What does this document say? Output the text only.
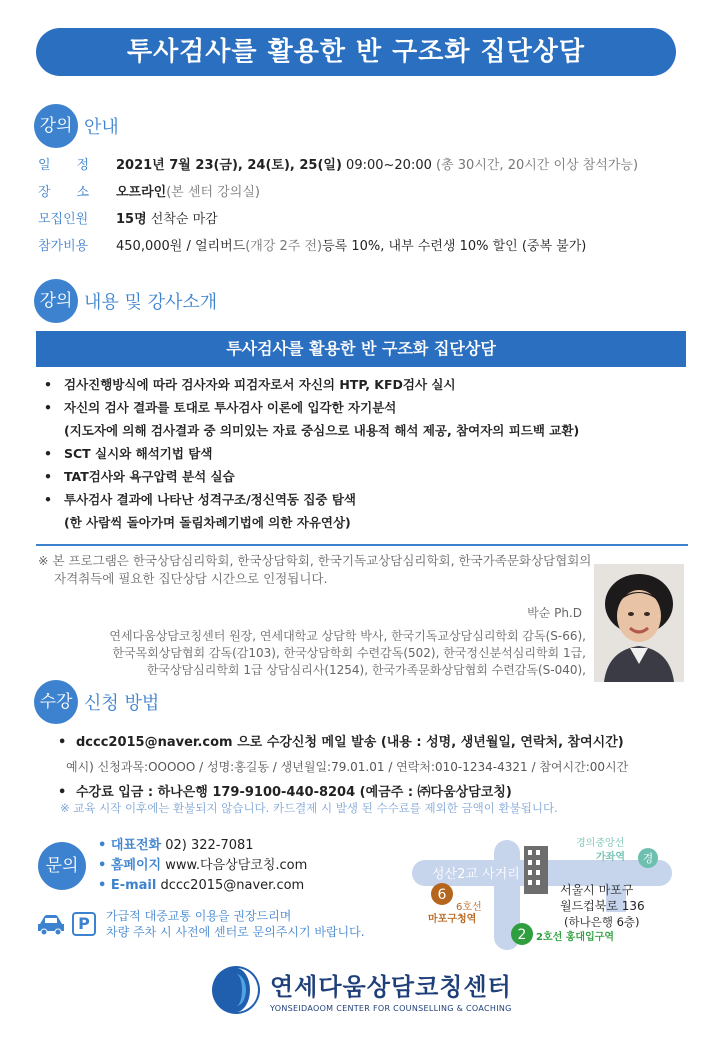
투사검사를 활용한 반 구조화 집단상담
강의 안내
일　　정	2021년 7월 23(금), 24(토), 25(일) 09:00~20:00 (총 30시간, 20시간 이상 참석가능)
장　　소	오프라인(본 센터 강의실)
모집인원	15명 선착순 마감
참가비용	450,000원 / 얼리버드(개강 2주 전)등록 10%, 내부 수련생 10% 할인 (중복 불가)
강의 내용 및 강사소개
투사검사를 활용한 반 구조화 집단상담
• 검사진행방식에 따라 검사자와 피검자로서 자신의 HTP, KFD검사 실시
• 자신의 검사 결과를 토대로 투사검사 이론에 입각한 자기분석
(지도자에 의해 검사결과 중 의미있는 자료 중심으로 내용적 해석 제공, 참여자의 피드백 교환)
• SCT 실시와 해석기법 탐색
• TAT검사와 욕구압력 분석 실습
• 투사검사 결과에 나타난 성격구조/정신역동 집중 탐색
(한 사람씩 돌아가며 돌림차례기법에 의한 자유연상)
※ 본 프로그램은 한국상담심리학회, 한국상담학회, 한국기독교상담심리학회, 한국가족문화상담협회의
자격취득에 필요한 집단상담 시간으로 인정됩니다.
박순 Ph.D
연세다움상담코칭센터 원장, 연세대학교 상담학 박사, 한국기독교상담심리학회 감독(S-66),
한국목회상담협회 감독(감103), 한국상담학회 수련감독(502), 한국정신분석심리학회 1급,
한국상담심리학회 1급 상담심리사(1254), 한국가족문화상담협회 수련감독(S-040),
수강 신청 방법
• dccc2015@naver.com 으로 수강신청 메일 발송 (내용 : 성명, 생년월일, 연락처, 참여시간)
예시) 신청과목:OOOOO / 성명:홍길동 / 생년월일:79.01.01 / 연락처:010-1234-4321 / 참여시간:00시간
• 수강료 입금 : 하나은행 179-9100-440-8204 (예금주 : ㈜다움상담코칭)
※ 교육 시작 이후에는 환불되지 않습니다. 카드결제 시 발생 된 수수료를 제외한 금액이 환불됩니다.
문의
• 대표전화 02) 322-7081
• 홈페이지 www.다음상담코칭.com
• E-mail dccc2015@naver.com
P	가급적 대중교통 이용을 권장드리며
차량 주차 시 사전에 센터로 문의주시기 바랍니다.
성산2교 사거리
서울시 마포구
월드컵북로 136
(하나은행 6층)
6
6호선
마포구청역
2 2호선 홍대입구역
경의중앙선
가좌역 경
연세다움상담코칭센터
YONSEIDAOOM CENTER FOR COUNSELLING & COACHING
